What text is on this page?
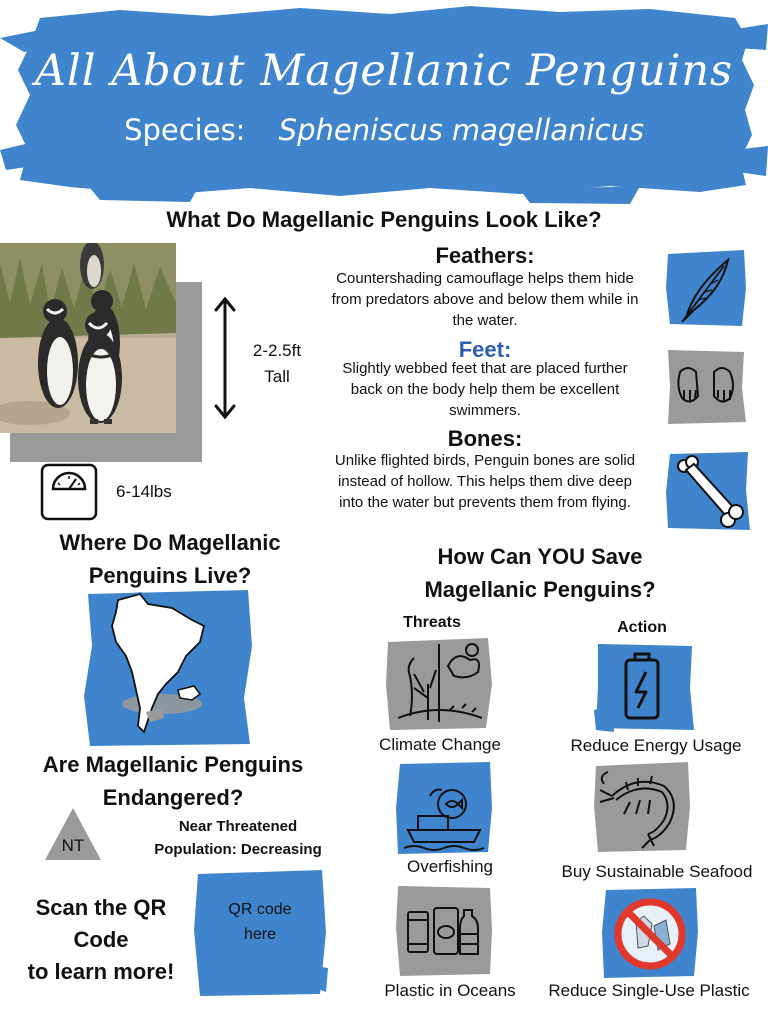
All About Magellanic Penguins
Species: Spheniscus magellanicus
What Do Magellanic Penguins Look Like?
2-2.5ft
Tall
6-14lbs
Feathers:
Countershading camouflage helps them hide from predators above and below them while in the water.
Feet:
Slightly webbed feet that are placed further back on the body help them be excellent swimmers.
Bones:
Unlike flighted birds, Penguin bones are solid instead of hollow. This helps them dive deep into the water but prevents them from flying.
Where Do Magellanic
Penguins Live?
Are Magellanic Penguins
Endangered?
NT
Near Threatened
Population: Decreasing
Scan the QR
Code
to learn more!
QR code
here
How Can YOU Save
Magellanic Penguins?
Threats	Action
Climate Change	Reduce Energy Usage
Overfishing	Buy Sustainable Seafood
Plastic in Oceans	Reduce Single-Use Plastic
